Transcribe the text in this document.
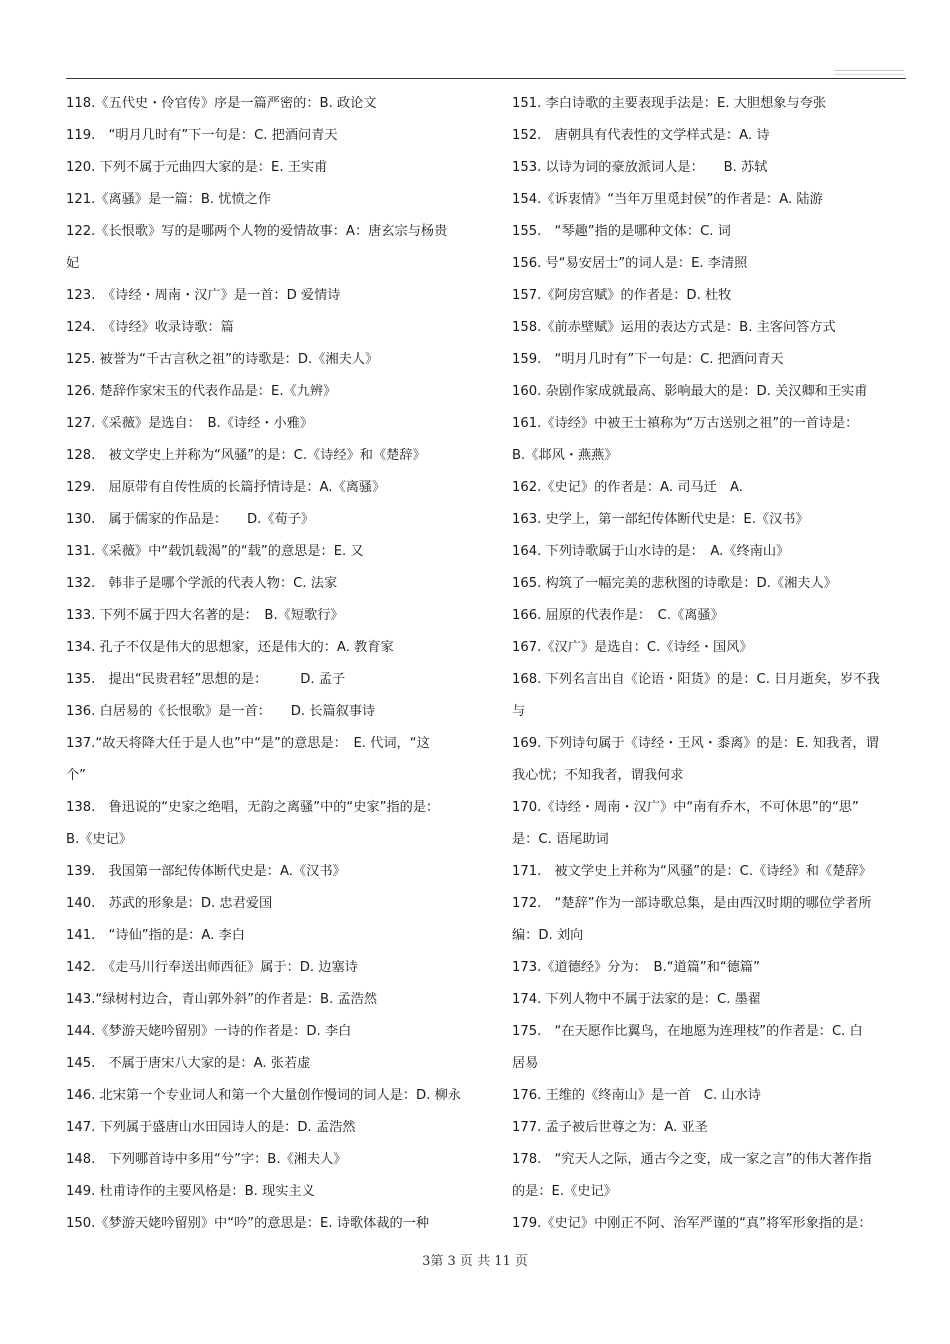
118.《五代史・伶官传》序是一篇严密的：B. 政论文
119.　“明月几时有”下一句是：C. 把酒问青天
120. 下列不属于元曲四大家的是：E. 王实甫
121.《离骚》是一篇：B. 忧愤之作
122.《长恨歌》写的是哪两个人物的爱情故事：A：唐玄宗与杨贵
妃
123.　《诗经・周南・汉广》是一首：D 爱情诗
124.　《诗经》收录诗歌：篇
125. 被誉为“千古言秋之祖”的诗歌是：D.《湘夫人》
126. 楚辞作家宋玉的代表作品是：E.《九辨》
127.《采薇》是选自：　B.《诗经・小雅》
128.　被文学史上并称为“风骚”的是：C.《诗经》和《楚辞》
129.　屈原带有自传性质的长篇抒情诗是：A.《离骚》
130.　属于儒家的作品是：　　D.《荀子》
131.《采薇》中“载饥载渴”的“载”的意思是：E. 又
132.　韩非子是哪个学派的代表人物：C. 法家
133. 下列不属于四大名著的是：　B.《短歌行》
134. 孔子不仅是伟大的思想家，还是伟大的：A. 教育家
135.　提出“民贵君轻”思想的是：　　　D. 孟子
136. 白居易的《长恨歌》是一首：　　D. 长篇叙事诗
137.“故天将降大任于是人也”中“是”的意思是：　E. 代词，“这
个”
138.　鲁迅说的“史家之绝唱，无韵之离骚”中的“史家”指的是：
B.《史记》
139.　我国第一部纪传体断代史是：A.《汉书》
140.　苏武的形象是：D. 忠君爱国
141.　“诗仙”指的是：A. 李白
142.　《走马川行奉送出师西征》属于：D. 边塞诗
143.“绿树村边合，青山郭外斜”的作者是：B. 孟浩然
144.《梦游天姥吟留别》一诗的作者是：D. 李白
145.　不属于唐宋八大家的是：A. 张若虚
146. 北宋第一个专业词人和第一个大量创作慢词的词人是：D. 柳永
147. 下列属于盛唐山水田园诗人的是：D. 孟浩然
148.　下列哪首诗中多用“兮”字：B.《湘夫人》
149. 杜甫诗作的主要风格是：B. 现实主义
150.《梦游天姥吟留别》中“吟”的意思是：E. 诗歌体裁的一种
151. 李白诗歌的主要表现手法是：E. 大胆想象与夸张
152.　唐朝具有代表性的文学样式是：A. 诗
153. 以诗为词的豪放派词人是：　　B. 苏轼
154.《诉衷情》“当年万里觅封侯”的作者是：A. 陆游
155.　“琴趣”指的是哪种文体：C. 词
156. 号“易安居士”的词人是：E. 李清照
157.《阿房宫赋》的作者是：D. 杜牧
158.《前赤壁赋》运用的表达方式是：B. 主客问答方式
159.　“明月几时有”下一句是：C. 把酒问青天
160. 杂剧作家成就最高、影响最大的是：D. 关汉卿和王实甫
161.《诗经》中被王士禛称为“万古送别之祖”的一首诗是：
B.《邶风・燕燕》
162.《史记》的作者是：A. 司马迁　A.
163. 史学上，第一部纪传体断代史是：E.《汉书》
164. 下列诗歌属于山水诗的是：　A.《终南山》
165. 构筑了一幅完美的悲秋图的诗歌是：D.《湘夫人》
166. 屈原的代表作是：　C.《离骚》
167.《汉广》是选自：C.《诗经・国风》
168. 下列名言出自《论语・阳货》的是：C. 日月逝矣，岁不我
与
169. 下列诗句属于《诗经・王风・黍离》的是：E. 知我者，谓
我心忧；不知我者，谓我何求
170.《诗经・周南・汉广》中“南有乔木，不可休思”的“思”
是：C. 语尾助词
171.　被文学史上并称为“风骚”的是：C.《诗经》和《楚辞》
172.　“楚辞”作为一部诗歌总集，是由西汉时期的哪位学者所
编：D. 刘向
173.《道德经》分为：　B.“道篇”和“德篇”
174. 下列人物中不属于法家的是：C. 墨翟
175.　“在天愿作比翼鸟，在地愿为连理枝”的作者是：C. 白
居易
176. 王维的《终南山》是一首　C. 山水诗
177. 孟子被后世尊之为：A. 亚圣
178.　“究天人之际，通古今之变，成一家之言”的伟大著作指
的是：E.《史记》
179.《史记》中刚正不阿、治军严谨的“真”将军形象指的是：
3第 3 页 共 11 页
